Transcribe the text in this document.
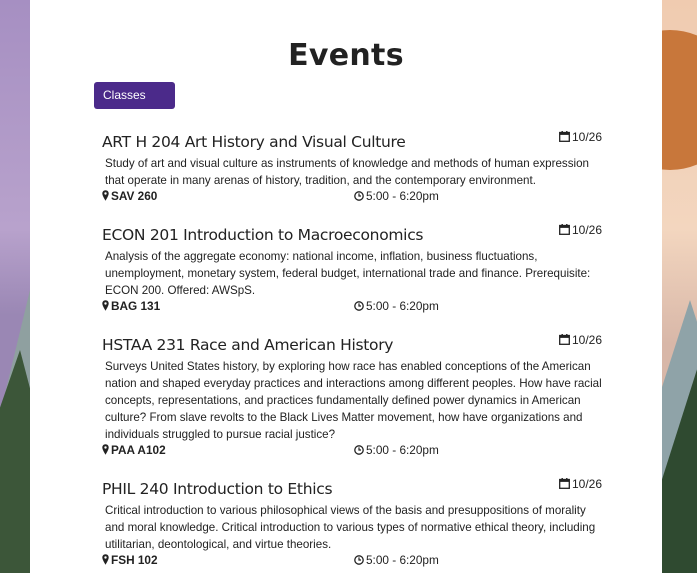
Events
Classes
ART H 204 Art History and Visual Culture	10/26
Study of art and visual culture as instruments of knowledge and methods of human expression that operate in many arenas of history, tradition, and the contemporary environment.
SAV 260	5:00 - 6:20pm
ECON 201 Introduction to Macroeconomics	10/26
Analysis of the aggregate economy: national income, inflation, business fluctuations, unemployment, monetary system, federal budget, international trade and finance. Prerequisite: ECON 200. Offered: AWSpS.
BAG 131	5:00 - 6:20pm
HSTAA 231 Race and American History	10/26
Surveys United States history, by exploring how race has enabled conceptions of the American nation and shaped everyday practices and interactions among different peoples. How have racial concepts, representations, and practices fundamentally defined power dynamics in American culture? From slave revolts to the Black Lives Matter movement, how have organizations and individuals struggled to pursue racial justice?
PAA A102	5:00 - 6:20pm
PHIL 240 Introduction to Ethics	10/26
Critical introduction to various philosophical views of the basis and presuppositions of morality and moral knowledge. Critical introduction to various types of normative ethical theory, including utilitarian, deontological, and virtue theories.
FSH 102	5:00 - 6:20pm
